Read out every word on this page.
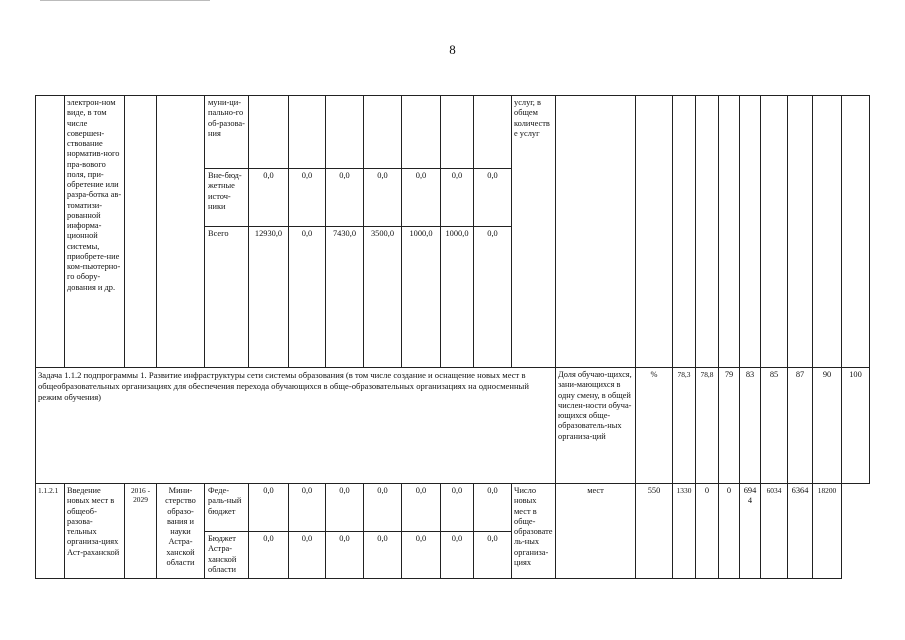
8
	электрон-ном виде, в том числе совершен-ствование норматив-ного пра-вового поля, при-обретение или разра-ботка ав-томатизи-рованной информа-ционной системы, приобрете-ние ком-пьютерно-го обору-дования и др.			муни-ци-пально-го об-разова-ния								услуг, в общем количестве услуг										
				Вне-бюд-жетные источ-ники	0,0	0,0	0,0	0,0	0,0	0,0	0,0											
				Всего	12930,0	0,0	7430,0	3500,0	1000,0	1000,0	0,0											
Задача 1.1.2 подпрограммы 1. Развитие инфраструктуры сети системы образования (в том числе создание и оснащение новых мест в общеобразовательных организациях для обеспечения перехода обучающихся в обще-образовательных организациях на односменный режим обучения)													Доля обучаю-щихся, зани-мающихся в одну смену, в общей числен-ности обуча-ющихся обще-образователь-ных организа-ций	%	78,3	78,8	79	83	85	87	90	100
1.1.2.1	Введение новых мест в общеоб-разова-тельных организа-циях Аст-раханской	2016 - 2029	Мини-стерство образо-вания и науки Астра-ханской области	Феде-раль-ный бюджет	0,0	0,0	0,0	0,0	0,0	0,0	0,0	Число новых мест в обще-образователь-ных организа-циях	мест	550	1330	0	0	6944	6034	6364	18200	
				Бюджет Астра-ханской области	0,0	0,0	0,0	0,0	0,0	0,0	0,0											
